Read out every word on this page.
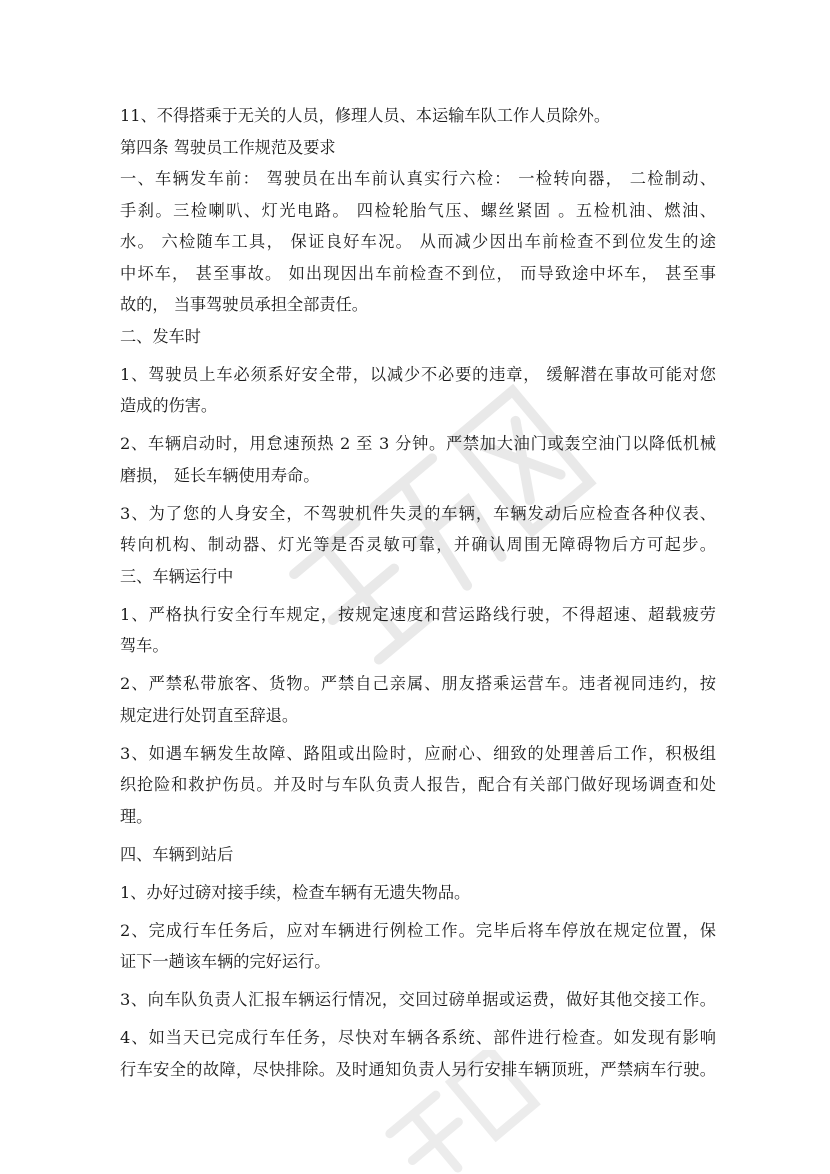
11、不得搭乘于无关的人员，修理人员、本运输车队工作人员除外。

第四条 驾驶员工作规范及要求

一、车辆发车前： 驾驶员在出车前认真实行六检： 一检转向器， 二检制动、

手刹。三检喇叭、灯光电路。 四检轮胎气压、螺丝紧固 。五检机油、燃油、

水。 六检随车工具， 保证良好车况。 从而减少因出车前检查不到位发生的途

中坏车， 甚至事故。 如出现因出车前检查不到位， 而导致途中坏车， 甚至事

故的， 当事驾驶员承担全部责任。

二、发车时

1、驾驶员上车必须系好安全带，以减少不必要的违章， 缓解潜在事故可能对您

造成的伤害。

2、车辆启动时，用怠速预热 2 至 3 分钟。严禁加大油门或轰空油门以降低机械

磨损， 延长车辆使用寿命。

3、为了您的人身安全，不驾驶机件失灵的车辆，车辆发动后应检查各种仪表、

转向机构、制动器、灯光等是否灵敏可靠，并确认周围无障碍物后方可起步。

三、车辆运行中

1、严格执行安全行车规定，按规定速度和营运路线行驶，不得超速、超载疲劳

驾车。

2、严禁私带旅客、货物。严禁自己亲属、朋友搭乘运营车。违者视同违约，按

规定进行处罚直至辞退。

3、如遇车辆发生故障、路阻或出险时，应耐心、细致的处理善后工作，积极组

织抢险和救护伤员。并及时与车队负责人报告，配合有关部门做好现场调查和处

理。

四、车辆到站后

1、办好过磅对接手续，检查车辆有无遗失物品。

2、完成行车任务后，应对车辆进行例检工作。完毕后将车停放在规定位置，保

证下一趟该车辆的完好运行。

3、向车队负责人汇报车辆运行情况，交回过磅单据或运费，做好其他交接工作。

4、如当天已完成行车任务，尽快对车辆各系统、部件进行检查。如发现有影响

行车安全的故障，尽快排除。及时通知负责人另行安排车辆顶班，严禁病车行驶。
